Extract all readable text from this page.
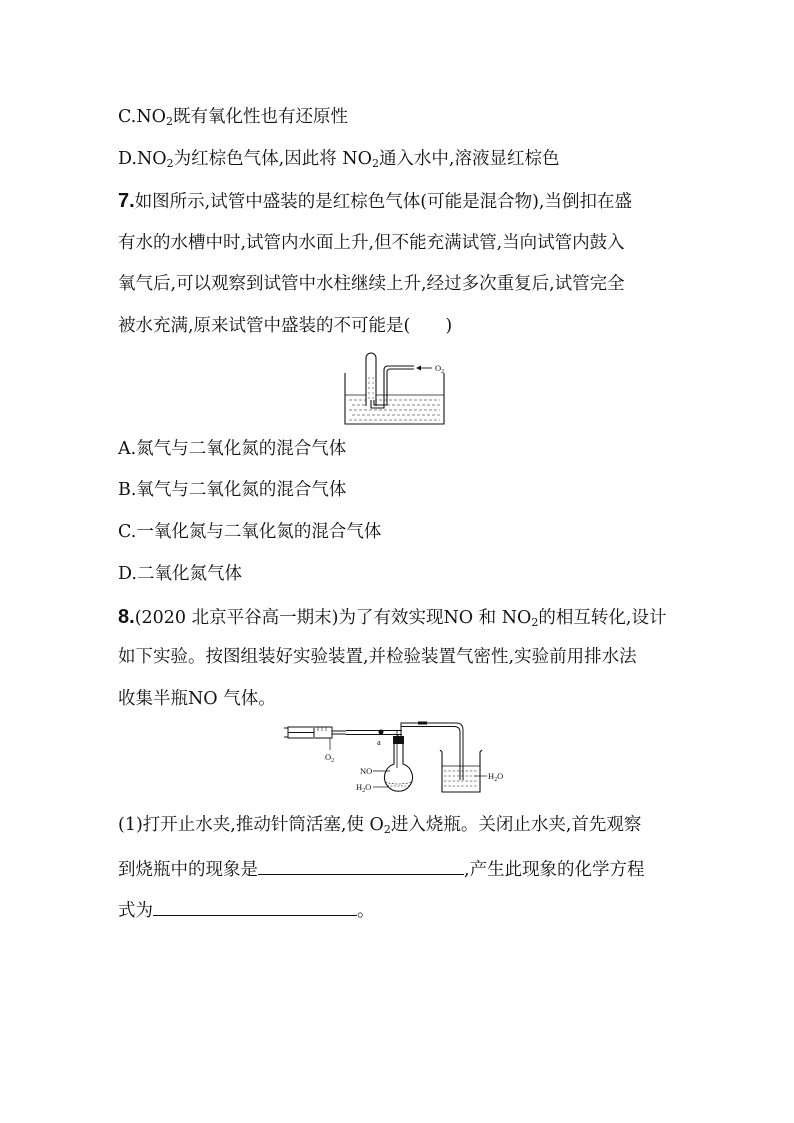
$C.NO_2$既有氧化性也有还原性
$D.NO_2$为红棕色气体,因此将 $NO_2$通入水中,溶液显红棕色
7.如图所示,试管中盛装的是红棕色气体(可能是混合物),当倒扣在盛
有水的水槽中时,试管内水面上升,但不能充满试管,当向试管内鼓入
氧气后,可以观察到试管中水柱继续上升,经过多次重复后,试管完全
被水充满,原来试管中盛装的不可能是(　　)
$O_2$
A.氮气与二氧化氮的混合气体
B.氧气与二氧化氮的混合气体
C.一氧化氮与二氧化氮的混合气体
D.二氧化氮气体
8.(2020 北京平谷高一期末)为了有效实现NO 和 $NO_2$的相互转化,设计
如下实验。按图组装好实验装置,并检验装置气密性,实验前用排水法
收集半瓶NO 气体。
$O_2$
a
NO
$H_2O$
$H_2O$
(1)打开止水夹,推动针筒活塞,使 $O_2$进入烧瓶。关闭止水夹,首先观察
到烧瓶中的现象是	,产生此现象的化学方程
式为	。
